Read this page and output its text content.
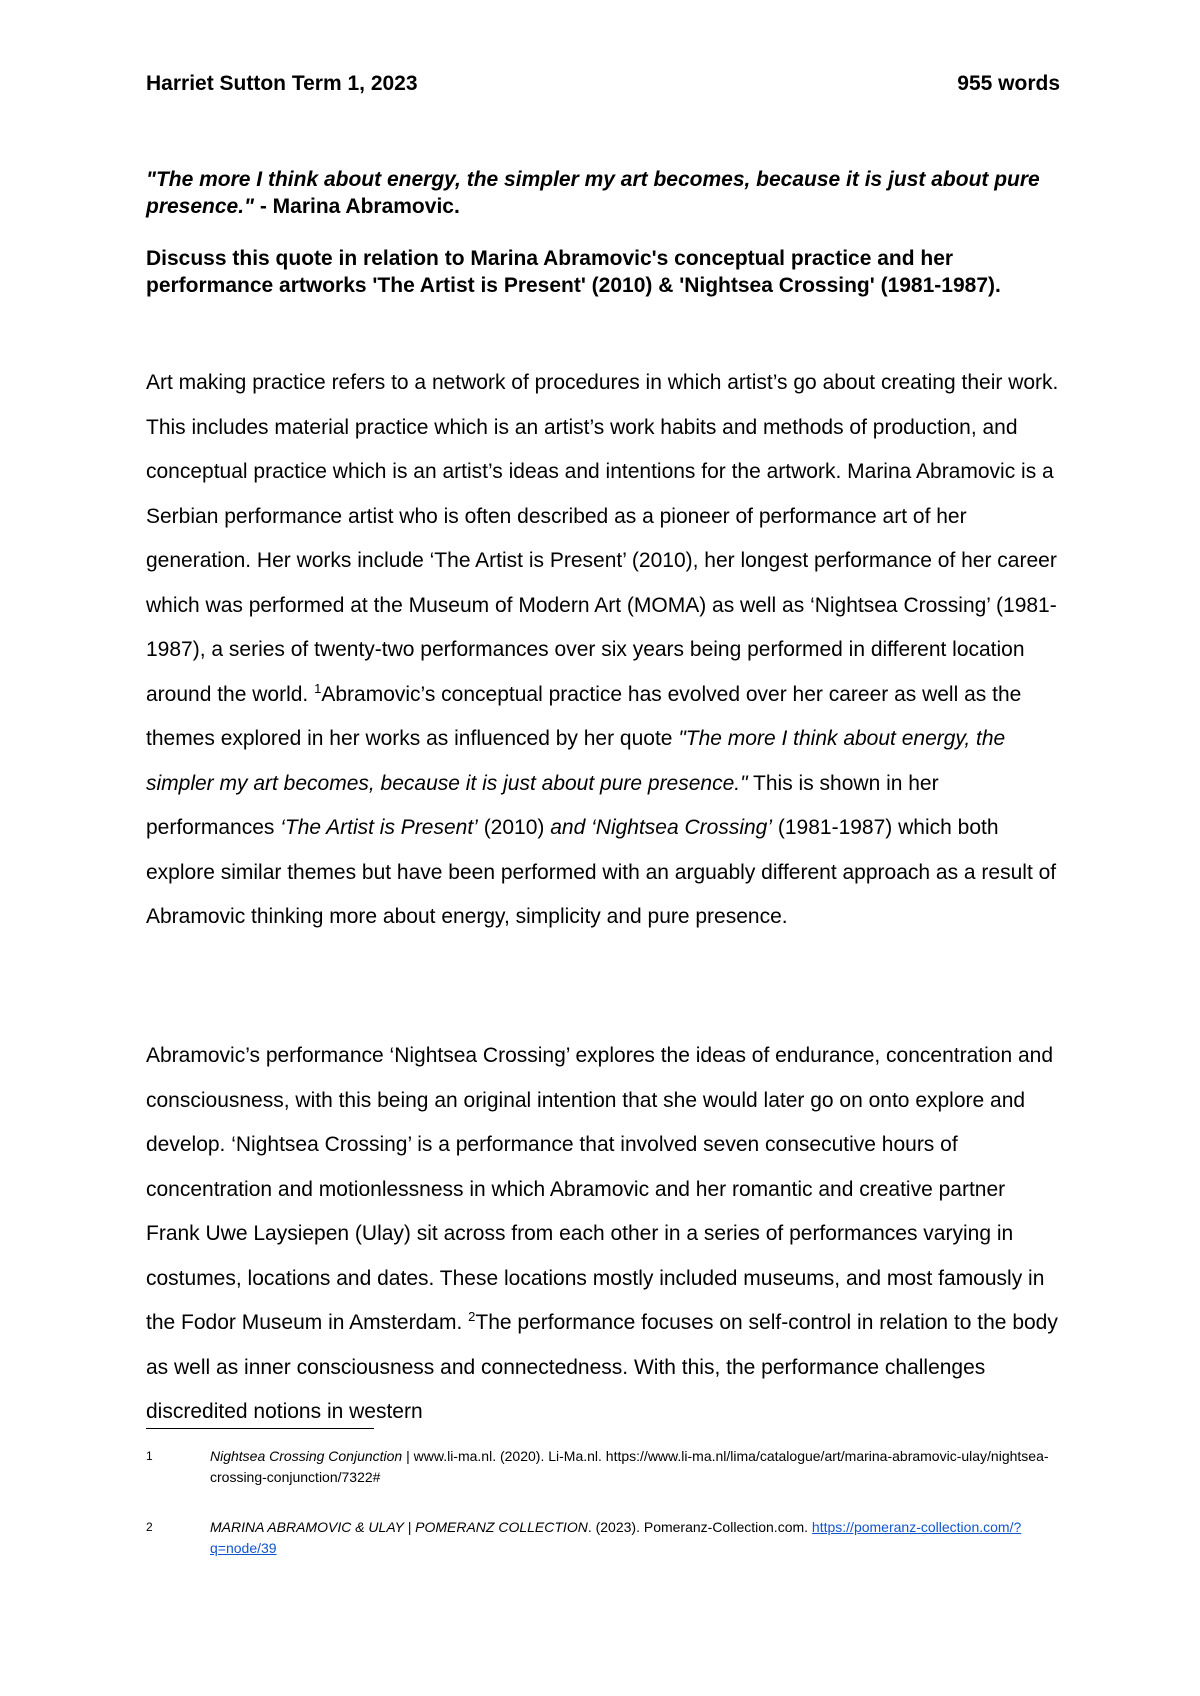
Harriet Sutton Term 1, 2023	955 words
"The more I think about energy, the simpler my art becomes, because it is just about pure presence." - Marina Abramovic.
Discuss this quote in relation to Marina Abramovic's conceptual practice and her performance artworks 'The Artist is Present' (2010) & 'Nightsea Crossing' (1981-1987).
Art making practice refers to a network of procedures in which artist’s go about creating their work. This includes material practice which is an artist’s work habits and methods of production, and conceptual practice which is an artist’s ideas and intentions for the artwork. Marina Abramovic is a Serbian performance artist who is often described as a pioneer of performance art of her generation. Her works include ‘The Artist is Present’ (2010), her longest performance of her career which was performed at the Museum of Modern Art (MOMA) as well as ‘Nightsea Crossing’ (1981-1987), a series of twenty-two performances over six years being performed in different location around the world. $^1$Abramovic’s conceptual practice has evolved over her career as well as the themes explored in her works as influenced by her quote "The more I think about energy, the simpler my art becomes, because it is just about pure presence." This is shown in her performances ‘The Artist is Present’ (2010) and ‘Nightsea Crossing’ (1981-1987) which both explore similar themes but have been performed with an arguably different approach as a result of Abramovic thinking more about energy, simplicity and pure presence.
Abramovic’s performance ‘Nightsea Crossing’ explores the ideas of endurance, concentration and consciousness, with this being an original intention that she would later go on onto explore and develop. ‘Nightsea Crossing’ is a performance that involved seven consecutive hours of concentration and motionlessness in which Abramovic and her romantic and creative partner Frank Uwe Laysiepen (Ulay) sit across from each other in a series of performances varying in costumes, locations and dates. These locations mostly included museums, and most famously in the Fodor Museum in Amsterdam. $^2$The performance focuses on self-control in relation to the body as well as inner consciousness and connectedness. With this, the performance challenges discredited notions in western
1	Nightsea Crossing Conjunction | www.li-ma.nl. (2020). Li-Ma.nl. https://www.li-ma.nl/lima/catalogue/art/marina-abramovic-ulay/nightsea-crossing-conjunction/7322#
2	MARINA ABRAMOVIC & ULAY | POMERANZ COLLECTION. (2023). Pomeranz-Collection.com. https://pomeranz-collection.com/?q=node/39
